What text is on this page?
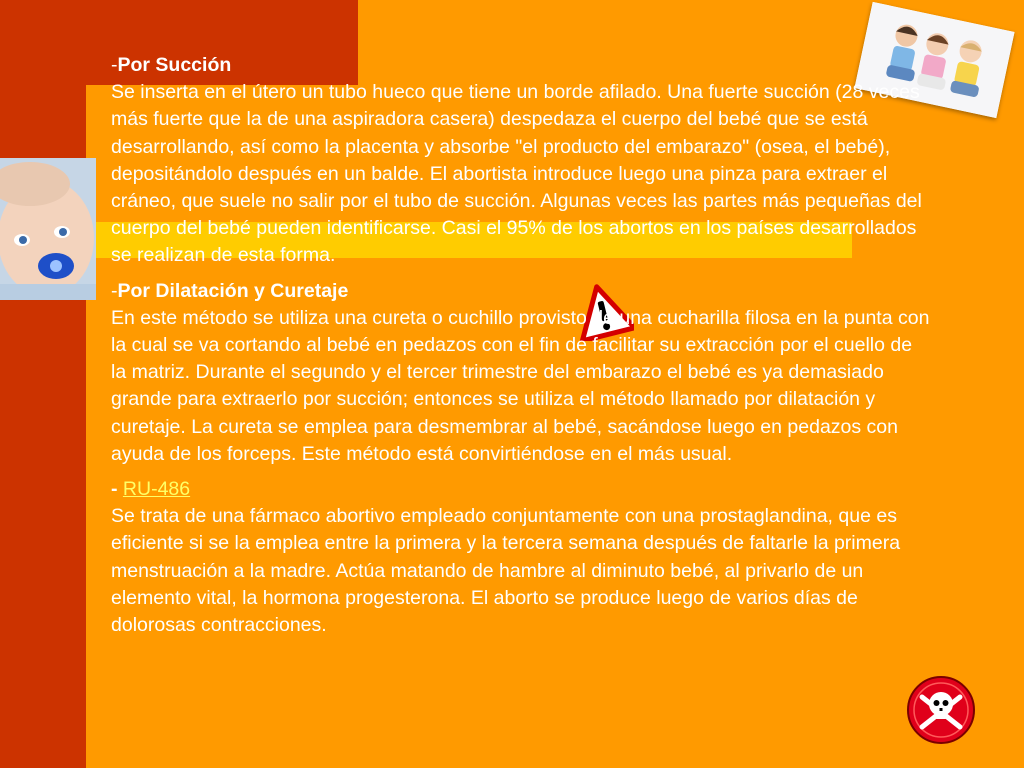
-Por Succión
Se inserta en el útero un tubo hueco que tiene un borde afilado. Una fuerte succión (28 veces más fuerte que la de una aspiradora casera) despedaza el cuerpo del bebé que se está desarrollando, así como la placenta y absorbe "el producto del embarazo" (osea, el bebé), depositándolo después en un balde. El abortista introduce luego una pinza para extraer el cráneo, que suele no salir por el tubo de succión. Algunas veces las partes más pequeñas del cuerpo del bebé pueden identificarse. Casi el 95% de los abortos en los países desarrollados se realizan de esta forma.
-Por Dilatación y Curetaje
En este método se utiliza una cureta o cuchillo provisto de una cucharilla filosa en la punta con la cual se va cortando al bebé en pedazos con el fin de facilitar su extracción por el cuello de la matriz. Durante el segundo y el tercer trimestre del embarazo el bebé es ya demasiado grande para extraerlo por succión; entonces se utiliza el método llamado por dilatación y curetaje. La cureta se emplea para desmembrar al bebé, sacándose luego en pedazos con ayuda de los forceps. Este método está convirtiéndose en el más usual.
- RU-486
Se trata de una fármaco abortivo empleado conjuntamente con una prostaglandina, que es eficiente si se la emplea entre la primera y la tercera semana después de faltarle la primera menstruación a la madre. Actúa matando de hambre al diminuto bebé, al privarlo de un elemento vital, la hormona progesterona. El aborto se produce luego de varios días de dolorosas contracciones.
